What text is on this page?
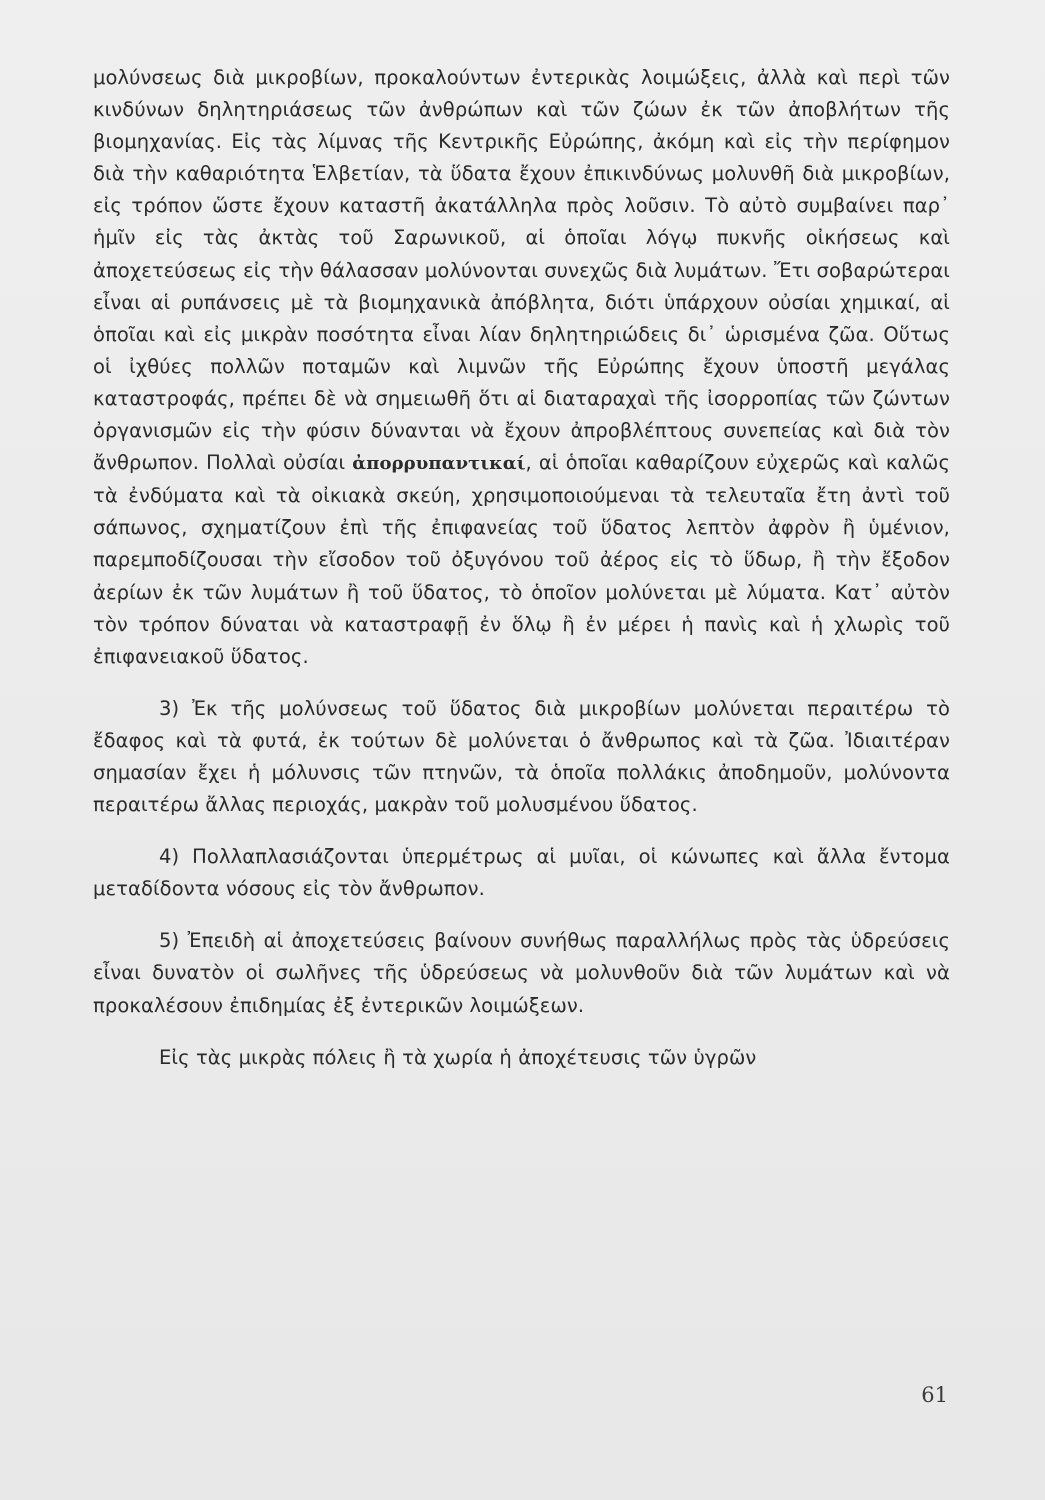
μολύνσεως διὰ μικροβίων, προκαλούντων ἐντερικὰς λοιμώξεις, ἀλλὰ καὶ περὶ τῶν κινδύνων δηλητηριάσεως τῶν ἀνθρώπων καὶ τῶν ζώων ἐκ τῶν ἀποβλήτων τῆς βιομηχανίας. Εἰς τὰς λίμνας τῆς Κεντρικῆς Εὐρώπης, ἀκόμη καὶ εἰς τὴν περίφημον διὰ τὴν καθαριότητα Ἑλβετίαν, τὰ ὕδατα ἔχουν ἐπικινδύνως μολυνθῆ διὰ μικροβίων, εἰς τρόπον ὥστε ἔχουν καταστῆ ἀκατάλληλα πρὸς λοῦσιν. Τὸ αὐτὸ συμβαίνει παρ᾿ ἡμῖν εἰς τὰς ἀκτὰς τοῦ Σαρωνικοῦ, αἱ ὁποῖαι λόγῳ πυκνῆς οἰκήσεως καὶ ἀποχετεύσεως εἰς τὴν θάλασσαν μολύνονται συνεχῶς διὰ λυμάτων. Ἔτι σοβαρώτεραι εἶναι αἱ ρυπάνσεις μὲ τὰ βιομηχανικὰ ἀπόβλητα, διότι ὑπάρχουν οὐσίαι χημικαί, αἱ ὁποῖαι καὶ εἰς μικρὰν ποσότητα εἶναι λίαν δηλητηριώδεις δι᾿ ὡρισμένα ζῶα. Οὕτως οἱ ἰχθύες πολλῶν ποταμῶν καὶ λιμνῶν τῆς Εὐρώπης ἔχουν ὑποστῆ μεγάλας καταστροφάς, πρέπει δὲ νὰ σημειωθῆ ὅτι αἱ διαταραχαὶ τῆς ἰσορροπίας τῶν ζώντων ὀργανισμῶν εἰς τὴν φύσιν δύνανται νὰ ἔχουν ἀπροβλέπτους συνεπείας καὶ διὰ τὸν ἄνθρωπον. Πολλαὶ οὐσίαι ἀπορρυπαντικαί, αἱ ὁποῖαι καθαρίζουν εὐχερῶς καὶ καλῶς τὰ ἐνδύματα καὶ τὰ οἰκιακὰ σκεύη, χρησιμοποιούμεναι τὰ τελευταῖα ἔτη ἀντὶ τοῦ σάπωνος, σχηματίζουν ἐπὶ τῆς ἐπιφανείας τοῦ ὕδατος λεπτὸν ἀφρὸν ἢ ὑμένιον, παρεμποδίζουσαι τὴν εἴσοδον τοῦ ὀξυγόνου τοῦ ἀέρος εἰς τὸ ὕδωρ, ἢ τὴν ἔξοδον ἀερίων ἐκ τῶν λυμάτων ἢ τοῦ ὕδατος, τὸ ὁποῖον μολύνεται μὲ λύματα. Κατ᾿ αὐτὸν τὸν τρόπον δύναται νὰ καταστραφῇ ἐν ὅλῳ ἢ ἐν μέρει ἡ πανὶς καὶ ἡ χλωρὶς τοῦ ἐπιφανειακοῦ ὕδατος.

3) Ἐκ τῆς μολύνσεως τοῦ ὕδατος διὰ μικροβίων μολύνεται περαιτέρω τὸ ἔδαφος καὶ τὰ φυτά, ἐκ τούτων δὲ μολύνεται ὁ ἄνθρωπος καὶ τὰ ζῶα. Ἰδιαιτέραν σημασίαν ἔχει ἡ μόλυνσις τῶν πτηνῶν, τὰ ὁποῖα πολλάκις ἀποδημοῦν, μολύνοντα περαιτέρω ἄλλας περιοχάς, μακρὰν τοῦ μολυσμένου ὕδατος.

4) Πολλαπλασιάζονται ὑπερμέτρως αἱ μυῖαι, οἱ κώνωπες καὶ ἄλλα ἔντομα μεταδίδοντα νόσους εἰς τὸν ἄνθρωπον.

5) Ἐπειδὴ αἱ ἀποχετεύσεις βαίνουν συνήθως παραλλήλως πρὸς τὰς ὑδρεύσεις εἶναι δυνατὸν οἱ σωλῆνες τῆς ὑδρεύσεως νὰ μολυνθοῦν διὰ τῶν λυμάτων καὶ νὰ προκαλέσουν ἐπιδημίας ἐξ ἐντερικῶν λοιμώξεων.

Εἰς τὰς μικρὰς πόλεις ἢ τὰ χωρία ἡ ἀποχέτευσις τῶν ὑγρῶν

61
